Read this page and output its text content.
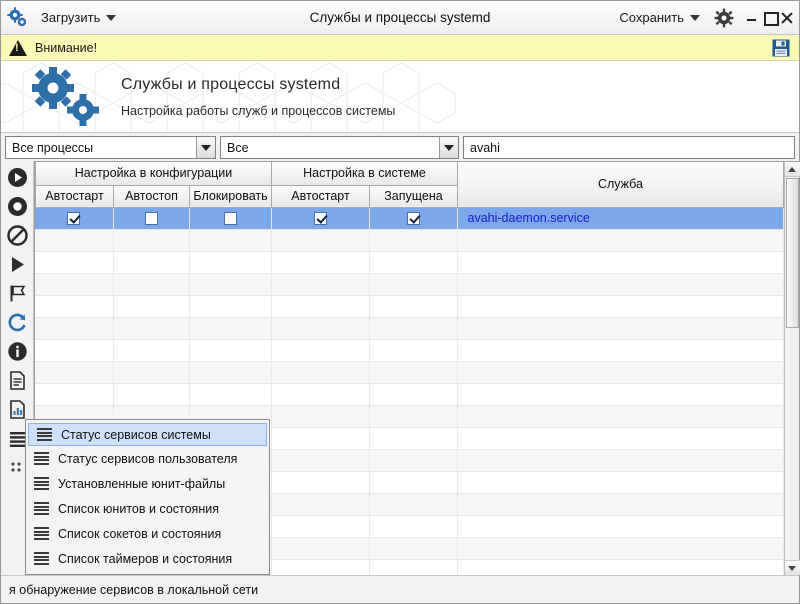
Загрузить	Службы и процессы systemd	Сохранить
!
Внимание!
Службы и процессы systemd
Настройка работы служб и процессов системы
Все процессы	Все	avahi
Настройка в конфигурации			Настройка в системе		Служба
Автостарт	Автостоп	Блокировать	Автостарт	Запущена	
					avahi-daemon.service

Статус сервисов системы
Статус сервисов пользователя
Установленные юнит-файлы
Список юнитов и состояния
Список сокетов и состояния
Список таймеров и состояния
я обнаружение сервисов в локальной сети
